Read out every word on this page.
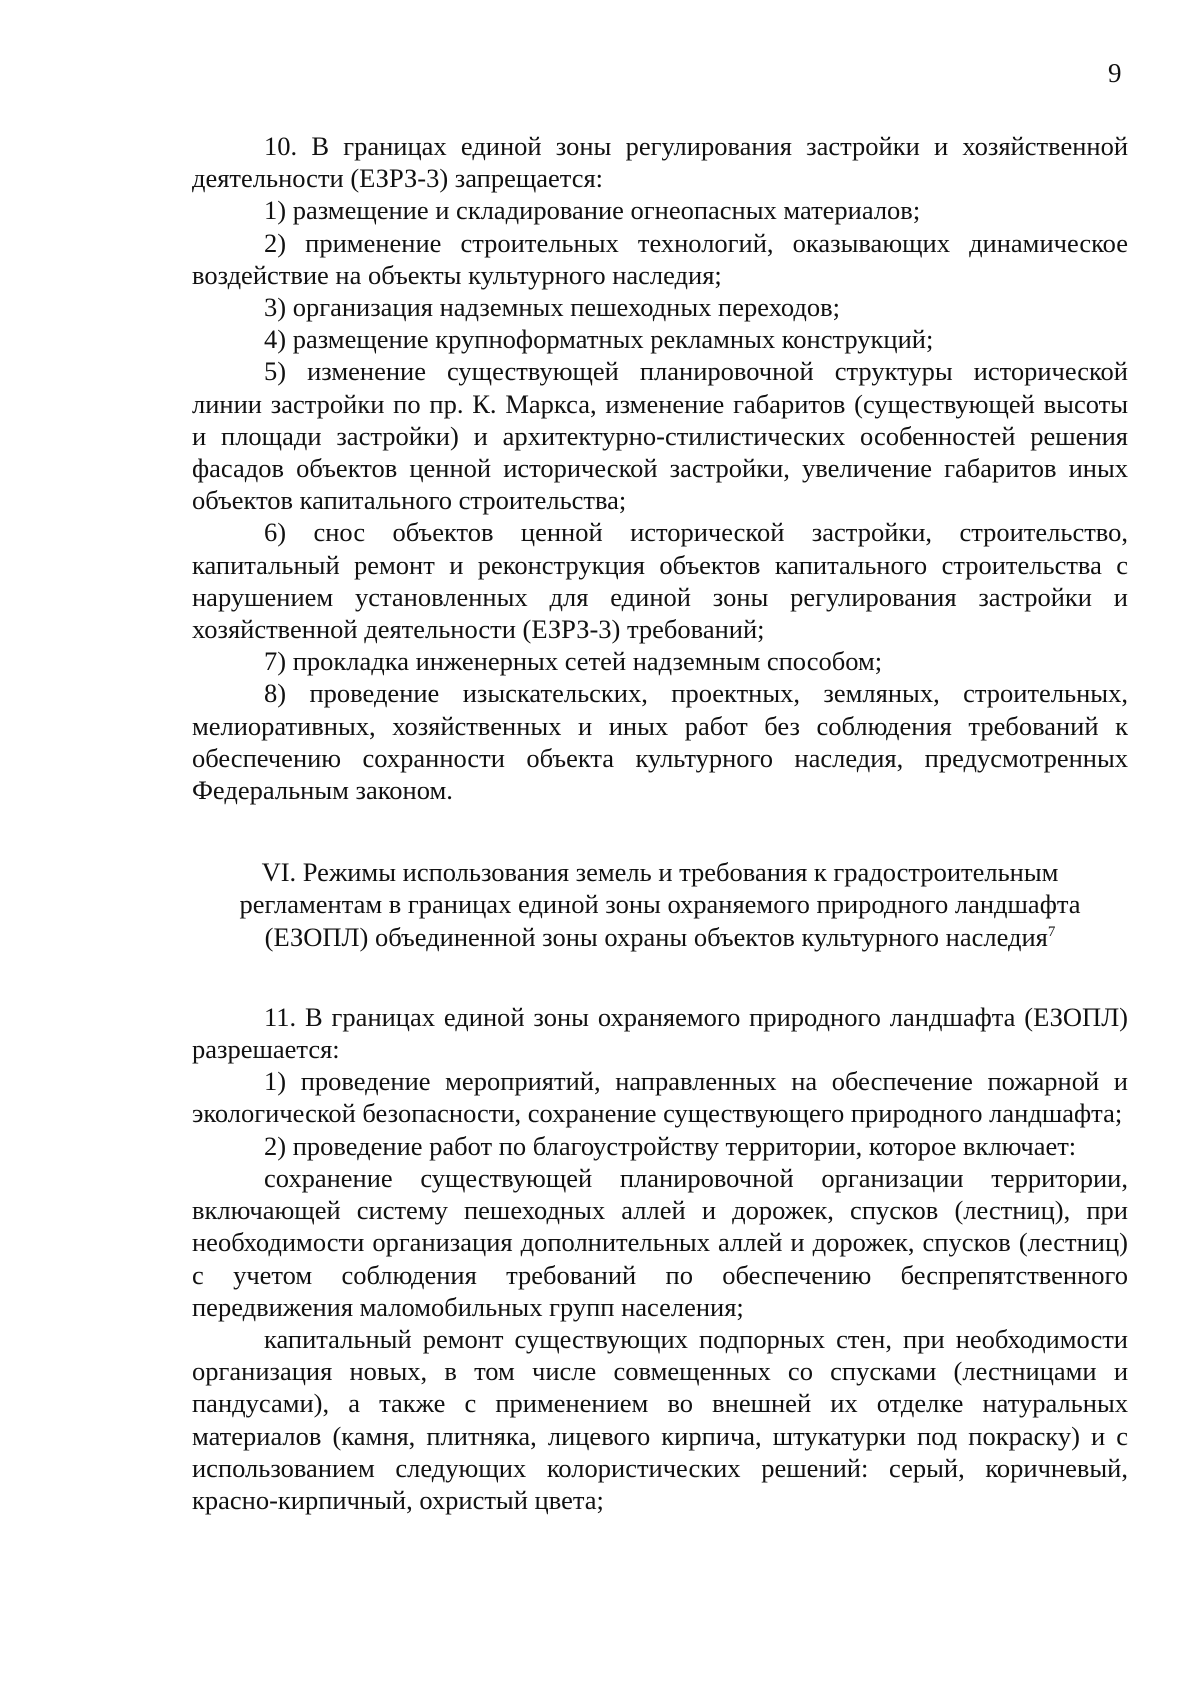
9

10. В границах единой зоны регулирования застройки и хозяйственной деятельности (ЕЗРЗ-3) запрещается:

1) размещение и складирование огнеопасных материалов;

2) применение строительных технологий, оказывающих динамическое воздействие на объекты культурного наследия;

3) организация надземных пешеходных переходов;

4) размещение крупноформатных рекламных конструкций;

5) изменение существующей планировочной структуры исторической линии застройки по пр. К. Маркса, изменение габаритов (существующей высоты и площади застройки) и архитектурно-стилистических особенностей решения фасадов объектов ценной исторической застройки, увеличение габаритов иных объектов капитального строительства;

6) снос объектов ценной исторической застройки, строительство, капитальный ремонт и реконструкция объектов капитального строительства с нарушением установленных для единой зоны регулирования застройки и хозяйственной деятельности (ЕЗРЗ-3) требований;

7) прокладка инженерных сетей надземным способом;

8) проведение изыскательских, проектных, земляных, строительных, мелиоративных, хозяйственных и иных работ без соблюдения требований к обеспечению сохранности объекта культурного наследия, предусмотренных Федеральным законом.

VI. Режимы использования земель и требования к градостроительным
регламентам в границах единой зоны охраняемого природного ландшафта
(ЕЗОПЛ) объединенной зоны охраны объектов культурного наследия$^7$

11. В границах единой зоны охраняемого природного ландшафта (ЕЗОПЛ) разрешается:

1) проведение мероприятий, направленных на обеспечение пожарной и экологической безопасности, сохранение существующего природного ландшафта;

2) проведение работ по благоустройству территории, которое включает:

сохранение существующей планировочной организации территории, включающей систему пешеходных аллей и дорожек, спусков (лестниц), при необходимости организация дополнительных аллей и дорожек, спусков (лестниц) с учетом соблюдения требований по обеспечению беспрепятственного передвижения маломобильных групп населения;

капитальный ремонт существующих подпорных стен, при необходимости организация новых, в том числе совмещенных со спусками (лестницами и пандусами), а также с применением во внешней их отделке натуральных материалов (камня, плитняка, лицевого кирпича, штукатурки под покраску) и с использованием следующих колористических решений: серый, коричневый, красно-кирпичный, охристый цвета;
